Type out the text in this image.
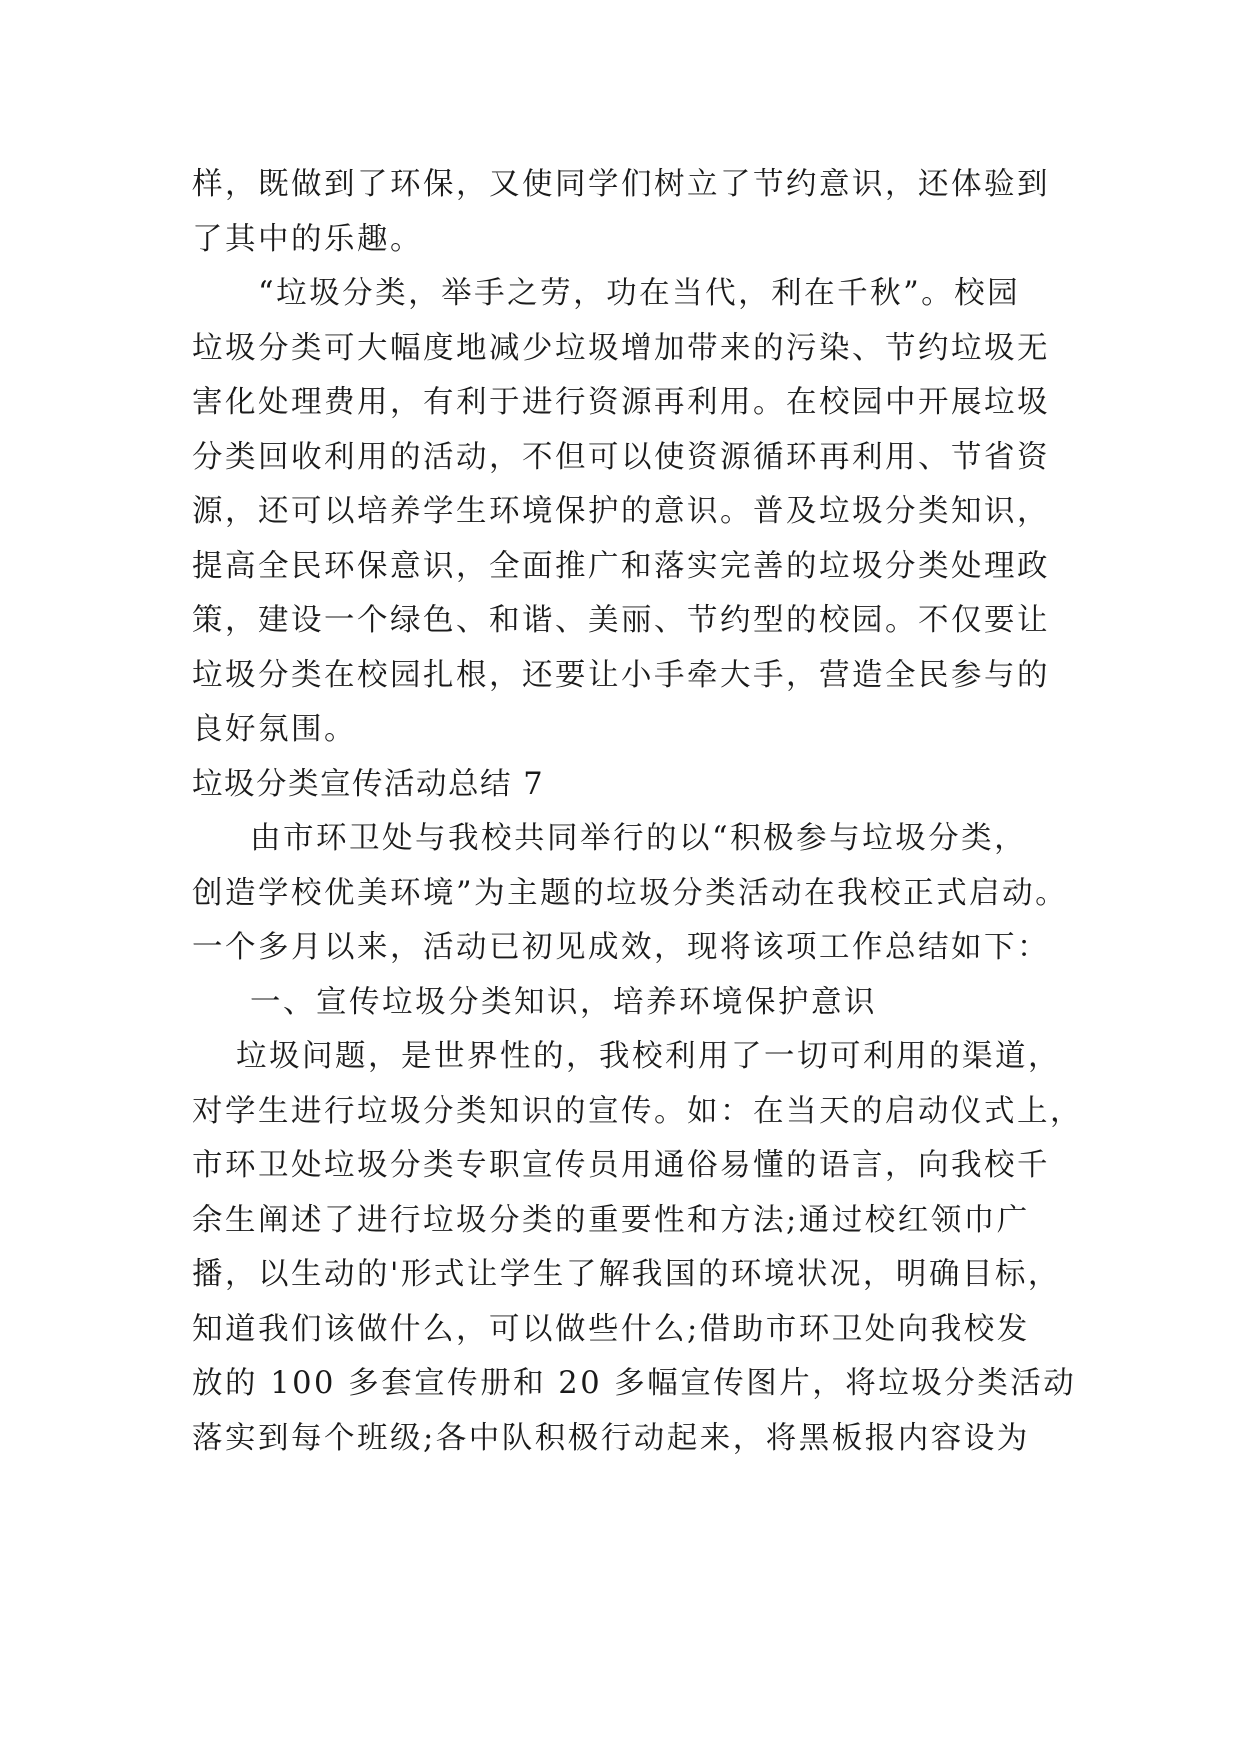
样，既做到了环保，又使同学们树立了节约意识，还体验到
了其中的乐趣。
“垃圾分类，举手之劳，功在当代，利在千秋”。校园
垃圾分类可大幅度地减少垃圾增加带来的污染、节约垃圾无
害化处理费用，有利于进行资源再利用。在校园中开展垃圾
分类回收利用的活动，不但可以使资源循环再利用、节省资
源，还可以培养学生环境保护的意识。普及垃圾分类知识，
提高全民环保意识，全面推广和落实完善的垃圾分类处理政
策，建设一个绿色、和谐、美丽、节约型的校园。不仅要让
垃圾分类在校园扎根，还要让小手牵大手，营造全民参与的
良好氛围。
垃圾分类宣传活动总结 7
由市环卫处与我校共同举行的以“积极参与垃圾分类，
创造学校优美环境”为主题的垃圾分类活动在我校正式启动。
一个多月以来，活动已初见成效，现将该项工作总结如下：
一、宣传垃圾分类知识，培养环境保护意识
垃圾问题，是世界性的，我校利用了一切可利用的渠道，
对学生进行垃圾分类知识的宣传。如：在当天的启动仪式上，
市环卫处垃圾分类专职宣传员用通俗易懂的语言，向我校千
余生阐述了进行垃圾分类的重要性和方法;通过校红领巾广
播，以生动的'形式让学生了解我国的环境状况，明确目标，
知道我们该做什么，可以做些什么;借助市环卫处向我校发
放的 100 多套宣传册和 20 多幅宣传图片，将垃圾分类活动
落实到每个班级;各中队积极行动起来，将黑板报内容设为
